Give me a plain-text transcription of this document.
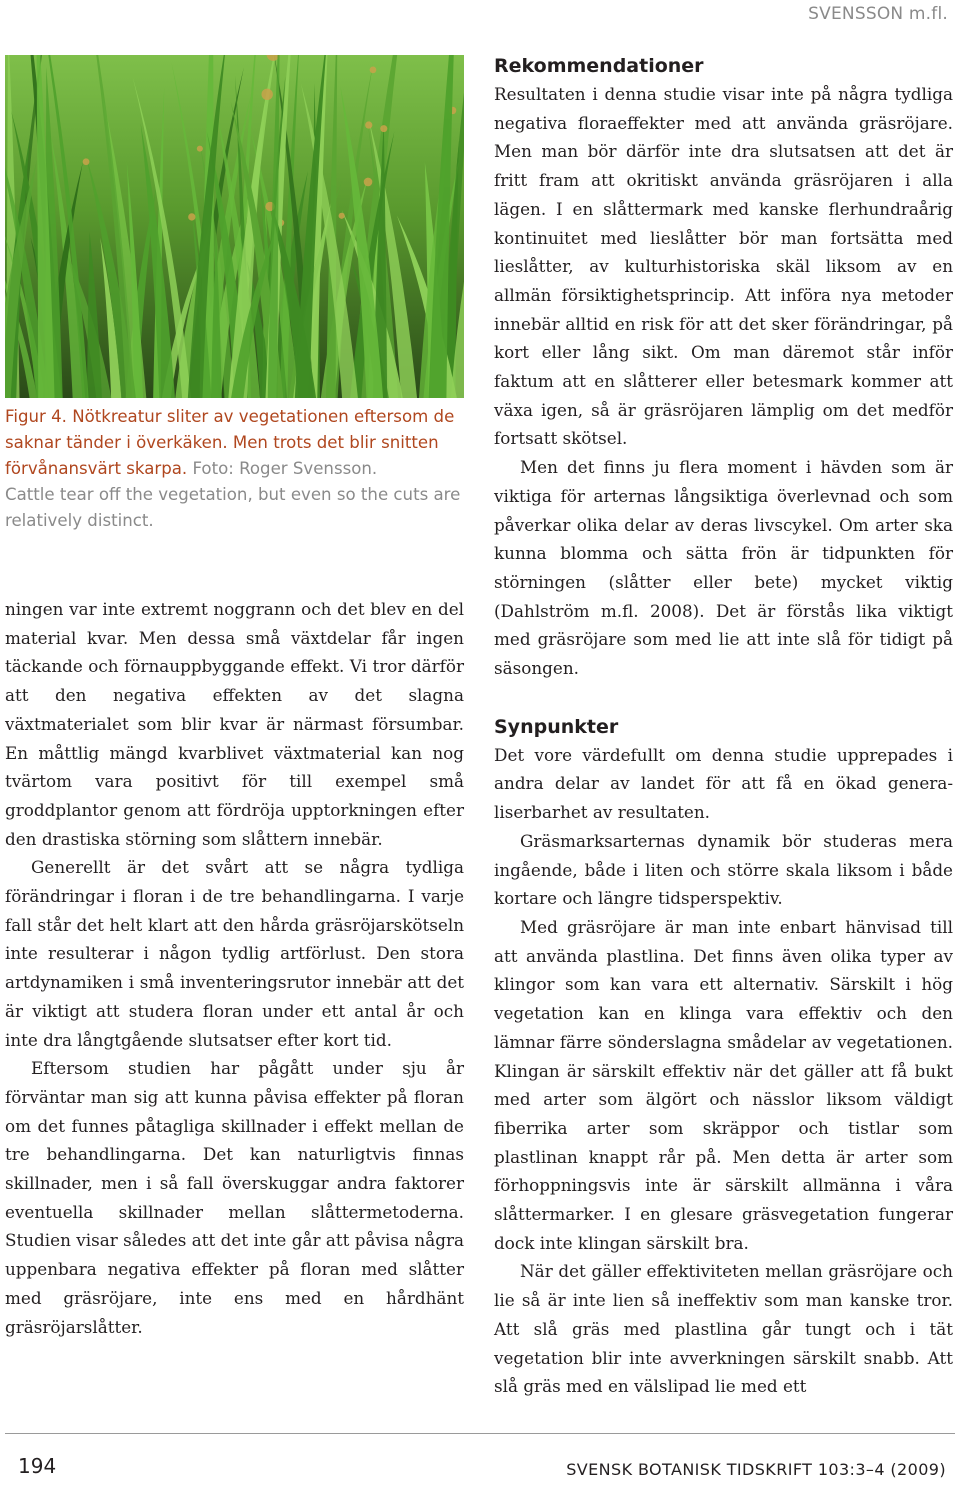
SVENSSON m.fl.
Figur 4. Nötkreatur sliter av vegetationen eftersom de saknar tänder i överkäken. Men trots det blir snitten förvånansvärt skarpa. Foto: Roger Svensson.
Cattle tear off the vegetation, but even so the cuts are relatively distinct.

ningen var inte extremt noggrann och det blev en del material kvar. Men dessa små växtdelar får ingen täckande och förnauppbyggande effekt. Vi tror därför att den negativa effekten av det slagna växtmaterialet som blir kvar är närmast försumbar. En måttlig mängd kvarblivet växtmaterial kan nog tvärtom vara positivt för till exempel små groddplantor genom att fördröja upptorkningen efter den drastiska störning som slåttern innebär.

Generellt är det svårt att se några tydliga förändringar i floran i de tre behandlingarna. I varje fall står det helt klart att den hårda gräsröjarskötseln inte resulterar i någon tydlig artförlust. Den stora artdynamiken i små inventeringsrutor innebär att det är viktigt att studera floran under ett antal år och inte dra långtgående slutsatser efter kort tid.

Eftersom studien har pågått under sju år förväntar man sig att kunna påvisa effekter på floran om det funnes påtagliga skillnader i effekt mellan de tre behandlingarna. Det kan naturligtvis finnas skillnader, men i så fall överskuggar andra faktorer eventuella skillnader mellan slåttermetoderna. Studien visar således att det inte går att påvisa några uppenbara negativa effekter på floran med slåtter med gräsröjare, inte ens med en hårdhänt gräsröjarslåtter.

Rekommendationer

Resultaten i denna studie visar inte på några tydliga negativa floraeffekter med att använda gräsröjare. Men man bör därför inte dra slutsatsen att det är fritt fram att okritiskt använda gräsröjaren i alla lägen. I en slåttermark med kanske flerhundraårig kontinuitet med lieslåtter bör man fortsätta med lieslåtter, av kulturhistoriska skäl liksom av en allmän försiktighetsprincip. Att införa nya metoder innebär alltid en risk för att det sker förändringar, på kort eller lång sikt. Om man däremot står inför faktum att en slåtterer eller betesmark kommer att växa igen, så är gräsröjaren lämplig om det medför fortsatt skötsel.

Men det finns ju flera moment i hävden som är viktiga för arternas långsiktiga överlevnad och som påverkar olika delar av deras livscykel. Om arter ska kunna blomma och sätta frön är tidpunkten för störningen (slåtter eller bete) mycket viktig (Dahlström m.fl. 2008). Det är förstås lika viktigt med gräsröjare som med lie att inte slå för tidigt på säsongen.

Synpunkter

Det vore värdefullt om denna studie upprepades i andra delar av landet för att få en ökad generaliserbarhet av resultaten.

Gräsmarksarternas dynamik bör studeras mera ingående, både i liten och större skala liksom i både kortare och längre tidsperspektiv.

Med gräsröjare är man inte enbart hänvisad till att använda plastlina. Det finns även olika typer av klingor som kan vara ett alternativ. Särskilt i hög vegetation kan en klinga vara effektiv och den lämnar färre sönderslagna smådelar av vegetationen. Klingan är särskilt effektiv när det gäller att få bukt med arter som älgört och nässlor liksom väldigt fiberrika arter som skräppor och tistlar som plastlinan knappt rår på. Men detta är arter som förhoppningsvis inte är särskilt allmänna i våra slåttermarker. I en glesare gräsvegetation fungerar dock inte klingan särskilt bra.

När det gäller effektiviteten mellan gräsröjare och lie så är inte lien så ineffektiv som man kanske tror. Att slå gräs med plastlina går tungt och i tät vegetation blir inte avverkningen särskilt snabb. Att slå gräs med en välslipad lie med ett

194	SVENSK BOTANISK TIDSKRIFT 103:3–4 (2009)
